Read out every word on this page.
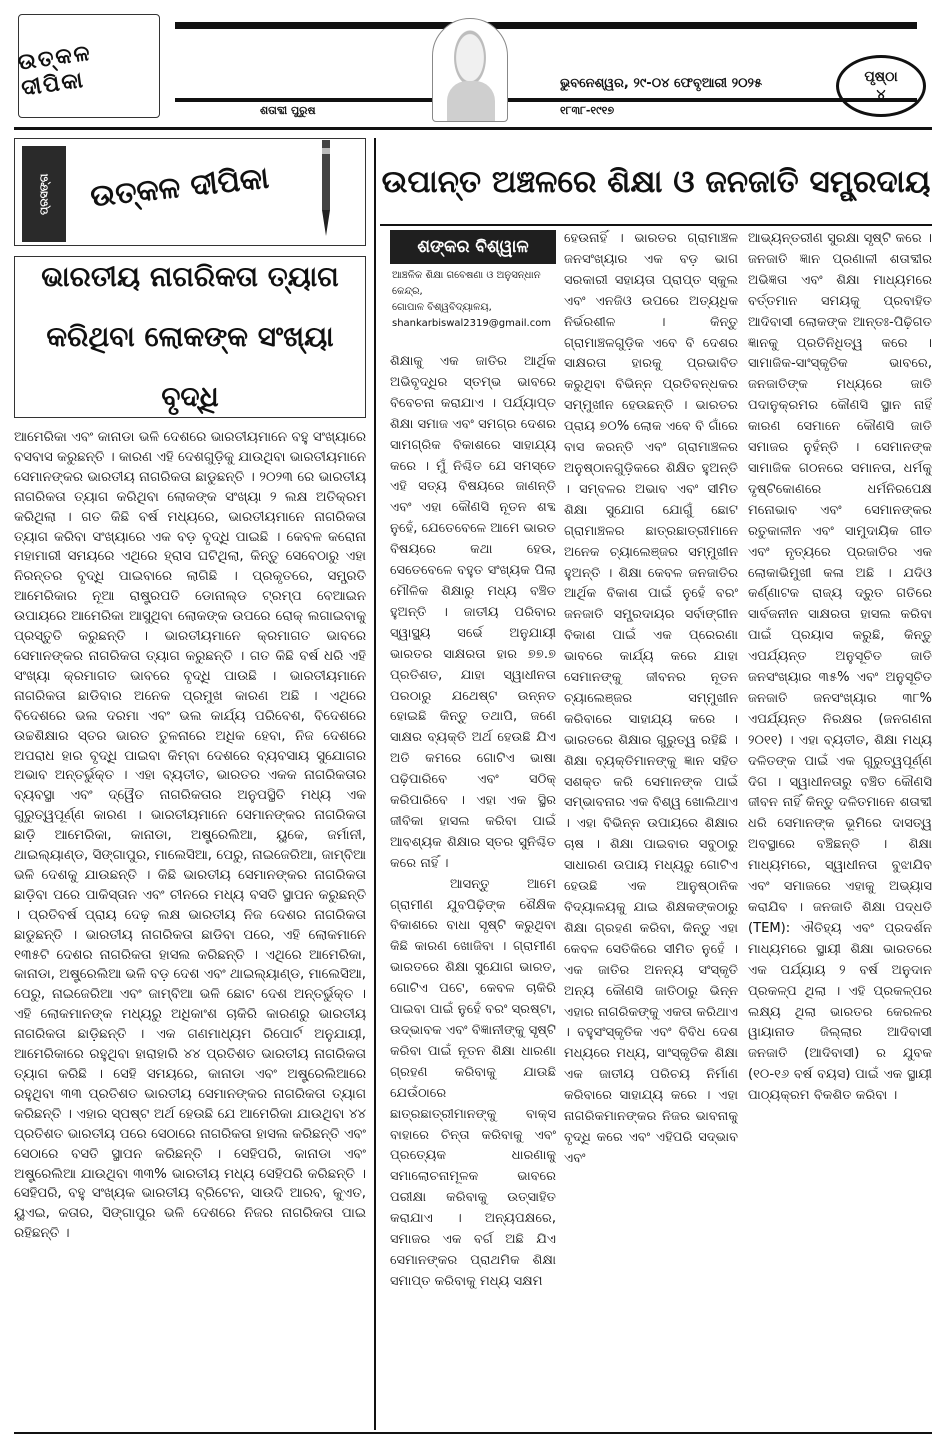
ଉତ୍କଳ ଦୀପିକା	ଭୁବନେଶ୍ୱର, ୨୯-୦୪ ଫେବୃଆରୀ ୨୦୨୫
ଶତାବ୍ଦୀ ପୁରୁଷ	୧୮୩୮-୧୯୧୭
ପୃଷ୍ଠା
୪
ପ୍ରସଙ୍ଗ	ଉତ୍କଳ ଦୀପିକା
ଭାରତୀୟ ନାଗରିକତା ତ୍ୟାଗ
କରିଥିବା ଲୋକଙ୍କ ସଂଖ୍ୟା ବୃଦ୍ଧି
ଆମେରିକା ଏବଂ କାନାଡା ଭଳି ଦେଶରେ ଭାରତୀୟମାନେ ବହୁ ସଂଖ୍ୟାରେ ବସବାସ କରୁଛନ୍ତି । କାରଣ ଏହି ଦେଶଗୁଡ଼ିକୁ ଯାଉଥିବା ଭାରତୀୟମାନେ ସେମାନଙ୍କର ଭାରତୀୟ ନାଗରିକତା ଛାଡୁଛନ୍ତି । ୨୦୨୩ ରେ ଭାରତୀୟ ନାଗରିକତା ତ୍ୟାଗ କରିଥିବା ଲୋକଙ୍କ ସଂଖ୍ୟା ୨ ଲକ୍ଷ ଅତିକ୍ରମ କରିଥିଲା । ଗତ କିଛି ବର୍ଷ ମଧ୍ୟରେ, ଭାରତୀୟମାନେ ନାଗରିକତା ତ୍ୟାଗ କରିବା ସଂଖ୍ୟାରେ ଏକ ବଡ଼ ବୃଦ୍ଧି ପାଇଛି । କେବଳ କରୋନା ମହାମାରୀ ସମୟରେ ଏଥିରେ ହ୍ରାସ ଘଟିଥିଲା, କିନ୍ତୁ ସେବେଠାରୁ ଏହା ନିରନ୍ତର ବୃଦ୍ଧି ପାଇବାରେ ଲାଗିଛି । ପ୍ରକୃତରେ, ସମ୍ପ୍ରତି ଆମେରିକାର ନୂଆ ରାଷ୍ଟ୍ରପତି ଡୋନାଲ୍ଡ ଟ୍ରମ୍ପ ବେଆଇନ ଉପାୟରେ ଆମେରିକା ଆସୁଥିବା ଲୋକଙ୍କ ଉପରେ ରୋକ୍ ଲଗାଇବାକୁ ପ୍ରସ୍ତୁତି କରୁଛନ୍ତି । ଭାରତୀୟମାନେ କ୍ରମାଗତ ଭାବରେ ସେମାନଙ୍କର ନାଗରିକତା ତ୍ୟାଗ କରୁଛନ୍ତି । ଗତ କିଛି ବର୍ଷ ଧରି ଏହି ସଂଖ୍ୟା କ୍ରମାଗତ ଭାବରେ ବୃଦ୍ଧି ପାଉଛି । ଭାରତୀୟମାନେ ନାଗରିକତା ଛାଡିବାର ଅନେକ ପ୍ରମୁଖ କାରଣ ଅଛି । ଏଥିରେ ବିଦେଶରେ ଭଲ ଦରମା ଏବଂ ଭଲ କାର୍ଯ୍ୟ ପରିବେଶ, ବିଦେଶରେ ଉଚ୍ଚଶିକ୍ଷାର ସ୍ତର ଭାରତ ତୁଳନାରେ ଅଧିକ ହେବା, ନିଜ ଦେଶରେ ଅପରାଧ ହାର ବୃଦ୍ଧି ପାଇବା କିମ୍ବା ଦେଶରେ ବ୍ୟବସାୟ ସୁଯୋଗର ଅଭାବ ଅନ୍ତର୍ଭୁକ୍ତ । ଏହା ବ୍ୟତୀତ, ଭାରତର ଏକକ ନାଗରିକତାର ବ୍ୟବସ୍ଥା ଏବଂ ଦ୍ୱୈତ ନାଗରିକତାର ଅନୁପସ୍ଥିତି ମଧ୍ୟ ଏକ ଗୁରୁତ୍ୱପୂର୍ଣ୍ଣ କାରଣ । ଭାରତୀୟମାନେ ସେମାନଙ୍କର ନାଗରିକତା ଛାଡ଼ି ଆମେରିକା, କାନାଡା, ଅଷ୍ଟ୍ରେଲିଆ, ୟୁକେ, ଜର୍ମାନୀ, ଥାଇଲ୍ୟାଣ୍ଡ, ସିଙ୍ଗାପୁର, ମାଲେସିଆ, ପେରୁ, ନାଇଜେରିଆ, ଜାମ୍ବିଆ ଭଳି ଦେଶକୁ ଯାଉଛନ୍ତି । କିଛି ଭାରତୀୟ ସେମାନଙ୍କର ନାଗରିକତା ଛାଡ଼ିବା ପରେ ପାକିସ୍ତାନ ଏବଂ ଚୀନରେ ମଧ୍ୟ ବସତି ସ୍ଥାପନ କରୁଛନ୍ତି । ପ୍ରତିବର୍ଷ ପ୍ରାୟ ଦେଢ଼ ଲକ୍ଷ ଭାରତୀୟ ନିଜ ଦେଶର ନାଗରିକତା ଛାଡୁଛନ୍ତି । ଭାରତୀୟ ନାଗରିକତା ଛାଡିବା ପରେ, ଏହି ଲୋକମାନେ ୧୩୫ଟି ଦେଶର ନାଗରିକତା ହାସଲ କରିଛନ୍ତି । ଏଥିରେ ଆମେରିକା, କାନାଡା, ଅଷ୍ଟ୍ରେଲିଆ ଭଳି ବଡ଼ ଦେଶ ଏବଂ ଥାଇଲ୍ୟାଣ୍ଡ, ମାଲେସିଆ, ପେରୁ, ନାଇଜେରିଆ ଏବଂ ଜାମ୍ବିଆ ଭଳି ଛୋଟ ଦେଶ ଅନ୍ତର୍ଭୁକ୍ତ । ଏହି ଲୋକମାନଙ୍କ ମଧ୍ୟରୁ ଅଧିକାଂଶ ଚାକିରି କାରଣରୁ ଭାରତୀୟ ନାଗରିକତା ଛାଡ଼ିଛନ୍ତି । ଏକ ଗଣମାଧ୍ୟମ ରିପୋର୍ଟ ଅନୁଯାୟୀ, ଆମେରିକାରେ ରହୁଥିବା ହାରାହାରି ୪୪ ପ୍ରତିଶତ ଭାରତୀୟ ନାଗରିକତା ତ୍ୟାଗ କରିଛି । ସେହି ସମୟରେ, କାନାଡା ଏବଂ ଅଷ୍ଟ୍ରେଲିଆରେ ରହୁଥିବା ୩୩ ପ୍ରତିଶତ ଭାରତୀୟ ସେମାନଙ୍କର ନାଗରିକତା ତ୍ୟାଗ କରିଛନ୍ତି । ଏହାର ସ୍ପଷ୍ଟ ଅର୍ଥ ହେଉଛି ଯେ ଆମେରିକା ଯାଉଥିବା ୪୪ ପ୍ରତିଶତ ଭାରତୀୟ ପରେ ସେଠାରେ ନାଗରିକତା ହାସଲ କରିଛନ୍ତି ଏବଂ ସେଠାରେ ବସତି ସ୍ଥାପନ କରିଛନ୍ତି । ସେହିପରି, କାନାଡା ଏବଂ ଅଷ୍ଟ୍ରେଲିଆ ଯାଉଥିବା ୩୩% ଭାରତୀୟ ମଧ୍ୟ ସେହିପରି କରିଛନ୍ତି । ସେହିପରି, ବହୁ ସଂଖ୍ୟକ ଭାରତୀୟ ବ୍ରିଟେନ, ସାଉଦି ଆରବ, କୁଏତ, ୟୁଏଇ, କତାର, ସିଙ୍ଗାପୁର ଭଳି ଦେଶରେ ନିଜର ନାଗରିକତା ପାଇ ରହିଛନ୍ତି ।
ଉପାନ୍ତ ଅଞ୍ଚଳରେ ଶିକ୍ଷା ଓ ଜନଜାତି ସମ୍ପ୍ରଦାୟ
ଶଙ୍କର ବିଶ୍ୱାଳ
ଆଞ୍ଚଳିକ ଶିକ୍ଷା ଗବେଷଣା ଓ ଅନୁସନ୍ଧାନ କେନ୍ଦ୍ର,
ଗୋପାଳ ବିଶ୍ୱବିଦ୍ୟାଳୟ,
shankarbiswal2319@gmail.com

ଶିକ୍ଷାକୁ ଏକ ଜାତିର ଆର୍ଥିକ ଅଭିବୃଦ୍ଧିର ସ୍ତମ୍ଭ ଭାବରେ ବିବେଚନା କରାଯାଏ । ପର୍ଯ୍ୟାପ୍ତ ଶିକ୍ଷା ସମାଜ ଏବଂ ସମଗ୍ର ଦେଶର ସାମଗ୍ରିକ ବିକାଶରେ ସାହାଯ୍ୟ କରେ । ମୁଁ ନିଶ୍ଚିତ ଯେ ସମସ୍ତେ ଏହି ସତ୍ୟ ବିଷୟରେ ଜାଣନ୍ତି ଏବଂ ଏହା କୌଣସି ନୂତନ ଶବ୍ଦ ନୁହେଁ, ଯେତେବେଳେ ଆମେ ଭାରତ ବିଷୟରେ କଥା ହେଉ, ସେତେବେଳେ ବହୁତ ସଂଖ୍ୟକ ପିଲା ମୌଳିକ ଶିକ୍ଷାରୁ ମଧ୍ୟ ବଞ୍ଚିତ ହୁଅନ୍ତି । ଜାତୀୟ ପରିବାର ସ୍ୱାସ୍ଥ୍ୟ ସର୍ଭେ ଅନୁଯାୟୀ ଭାରତର ସାକ୍ଷରତା ହାର ୭୭.୭ ପ୍ରତିଶତ, ଯାହା ସ୍ୱାଧୀନତା ପରଠାରୁ ଯଥେଷ୍ଟ ଉନ୍ନତ ହୋଇଛି କିନ୍ତୁ ତଥାପି, ଜଣେ ସାକ୍ଷର ବ୍ୟକ୍ତି ଅର୍ଥ ହେଉଛି ଯିଏ ଅତି କମରେ ଗୋଟିଏ ଭାଷା ପଢ଼ିପାରିବେ ଏବଂ ସଠିକ୍ କରିପାରିବେ । ଏହା ଏକ ସ୍ଥିର ଜୀବିକା ହାସଲ କରିବା ପାଇଁ ଆବଶ୍ୟକ ଶିକ୍ଷାର ସ୍ତର ସୁନିଶ୍ଚିତ କରେ ନାହିଁ ।

ଆସନ୍ତୁ ଆମେ ଗ୍ରାମୀଣ ଯୁବପିଢ଼ିଙ୍କ ଶୈକ୍ଷିକ ବିକାଶରେ ବାଧା ସୃଷ୍ଟି କରୁଥିବା କିଛି କାରଣ ଖୋଜିବା । ଗ୍ରାମୀଣ ଭାରତରେ ଶିକ୍ଷା ସୁଯୋଗ ଭାରତ, ଗୋଟିଏ ପଟେ, କେବଳ ଚାକିରି ପାଇବା ପାଇଁ ନୁହେଁ ବରଂ ସ୍ରଷ୍ଟା, ଉଦ୍ଭାବକ ଏବଂ ବିଜ୍ଞାନୀଙ୍କୁ ସୃଷ୍ଟି କରିବା ପାଇଁ ନୂତନ ଶିକ୍ଷା ଧାରଣା ଗ୍ରହଣ କରିବାକୁ ଯାଉଛି ଯେଉଁଠାରେ ଛାତ୍ରଛାତ୍ରୀମାନଙ୍କୁ ବାକ୍ସ ବାହାରେ ଚିନ୍ତା କରିବାକୁ ଏବଂ ପ୍ରତ୍ୟେକ ଧାରଣାକୁ ସମାଲୋଚନାମୂଳକ ଭାବରେ ପରୀକ୍ଷା କରିବାକୁ ଉତ୍ସାହିତ କରାଯାଏ । ଅନ୍ୟପକ୍ଷରେ, ସମାଜର ଏକ ବର୍ଗ ଅଛି ଯିଏ ସେମାନଙ୍କର ପ୍ରାଥମିକ ଶିକ୍ଷା ସମାପ୍ତ କରିବାକୁ ମଧ୍ୟ ସକ୍ଷମ

ହେଉନାହିଁ । ଭାରତର ଗ୍ରାମାଞ୍ଚଳ ଜନସଂଖ୍ୟାର ଏକ ବଡ଼ ଭାଗ ସରକାରୀ ସହାୟତା ପ୍ରାପ୍ତ ସ୍କୁଲ ଏବଂ ଏନଜିଓ ଉପରେ ଅତ୍ୟଧିକ ନିର୍ଭରଶୀଳ । କିନ୍ତୁ ଗ୍ରାମାଞ୍ଚଳଗୁଡ଼ିକ ଏବେ ବି ଦେଶର ସାକ୍ଷରତା ହାରକୁ ପ୍ରଭାବିତ କରୁଥିବା ବିଭିନ୍ନ ପ୍ରତିବନ୍ଧକର ସମ୍ମୁଖୀନ ହେଉଛନ୍ତି । ଭାରତର ପ୍ରାୟ ୭୦% ଲୋକ ଏବେ ବି ଗାଁରେ ବାସ କରନ୍ତି ଏବଂ ଗ୍ରାମାଞ୍ଚଳର ଅନୁଷ୍ଠାନଗୁଡ଼ିକରେ ଶିକ୍ଷିତ ହୁଅନ୍ତି । ସମ୍ବଳର ଅଭାବ ଏବଂ ସୀମିତ ଶିକ୍ଷା ସୁଯୋଗ ଯୋଗୁଁ ଛୋଟ ଗ୍ରାମାଞ୍ଚଳର ଛାତ୍ରଛାତ୍ରୀମାନେ ଅନେକ ଚ୍ୟାଲେଞ୍ଜର ସମ୍ମୁଖୀନ ହୁଅନ୍ତି । ଶିକ୍ଷା କେବଳ ଜନଜାତିର ଆର୍ଥିକ ବିକାଶ ପାଇଁ ନୁହେଁ ବରଂ ଜନଜାତି ସମ୍ପ୍ରଦାୟର ସର୍ବାଙ୍ଗୀନ ବିକାଶ ପାଇଁ ଏକ ପ୍ରେରଣା ଭାବରେ କାର୍ଯ୍ୟ କରେ ଯାହା ସେମାନଙ୍କୁ ଜୀବନର ନୂତନ ଚ୍ୟାଲେଞ୍ଜର ସମ୍ମୁଖୀନ କରିବାରେ ସାହାଯ୍ୟ କରେ । ଭାରତରେ ଶିକ୍ଷାର ଗୁରୁତ୍ୱ ରହିଛି । ଶିକ୍ଷା ବ୍ୟକ୍ତିମାନଙ୍କୁ ଜ୍ଞାନ ସହିତ ସଶକ୍ତ କରି ସେମାନଙ୍କ ପାଇଁ ସମ୍ଭାବନାର ଏକ ବିଶ୍ୱ ଖୋଲିଥାଏ । ଏହା ବିଭିନ୍ନ ଉପାୟରେ ଶିକ୍ଷାର ଚାଷ । ଶିକ୍ଷା ପାଇବାର ସବୁଠାରୁ ସାଧାରଣ ଉପାୟ ମଧ୍ୟରୁ ଗୋଟିଏ ହେଉଛି ଏକ ଆନୁଷ୍ଠାନିକ ବିଦ୍ୟାଳୟକୁ ଯାଇ ଶିକ୍ଷକଙ୍କଠାରୁ ଶିକ୍ଷା ଗ୍ରହଣ କରିବା, କିନ୍ତୁ ଏହା କେବଳ ସେତିକିରେ ସୀମିତ ନୁହେଁ । ଏକ ଜାତିର ଅନନ୍ୟ ସଂସ୍କୃତି ଅନ୍ୟ କୌଣସି ଜାତିଠାରୁ ଭିନ୍ନ ଏହାର ନାଗରିକଙ୍କୁ ଏକତା କରିଥାଏ । ବହୁସଂସ୍କୃତିକ ଏବଂ ବିବିଧ ଦେଶ ମଧ୍ୟରେ ମଧ୍ୟ, ସାଂସ୍କୃତିକ ଶିକ୍ଷା ଏକ ଜାତୀୟ ପରିଚୟ ନିର୍ମାଣ କରିବାରେ ସାହାଯ୍ୟ କରେ । ଏହା ନାଗରିକମାନଙ୍କର ନିଜର ଭାବନାକୁ ବୃଦ୍ଧି କରେ ଏବଂ ଏହିପରି ସଦ୍ଭାବ ଏବଂ
ଆଭ୍ୟନ୍ତରୀଣ ସୁରକ୍ଷା ସୃଷ୍ଟି କରେ । ଜନଜାତି ଜ୍ଞାନ ପ୍ରଣାଳୀ ଶତାବ୍ଦୀର ଅଭିଜ୍ଞତା ଏବଂ ଶିକ୍ଷା ମାଧ୍ୟମରେ ବର୍ତ୍ତମାନ ସମୟକୁ ପ୍ରବାହିତ ଆଦିବାସୀ ଲୋକଙ୍କ ଆନ୍ତଃ-ପିଢ଼ିଗତ ଜ୍ଞାନକୁ ପ୍ରତିନିଧିତ୍ୱ କରେ । ସାମାଜିକ-ସାଂସ୍କୃତିକ ଭାବରେ, ଜନଜାତିଙ୍କ ମଧ୍ୟରେ ଜାତି ପଦାନୁକ୍ରମର କୌଣସି ସ୍ଥାନ ନାହିଁ କାରଣ ସେମାନେ କୌଣସି ଜାତି ସମାଜର ନୁହଁନ୍ତି । ସେମାନଙ୍କ ସାମାଜିକ ଗଠନରେ ସମାନତା, ଧର୍ମକୁ ଦୃଷ୍ଟିକୋଣରେ ଧର୍ମନିରପେକ୍ଷ ମନୋଭାବ ଏବଂ ସେମାନଙ୍କର ରତୁକାଳୀନ ଏବଂ ସାମୁଦାୟିକ ଗୀତ ଏବଂ ନୃତ୍ୟରେ ପ୍ରଜାତିର ଏକ ଲୋକାଭିମୁଖୀ କଳା ଅଛି । ଯଦିଓ କର୍ଣ୍ଣାଟକ ରାଜ୍ୟ ଦ୍ରୁତ ଗତିରେ ସାର୍ବଜନୀନ ସାକ୍ଷରତା ହାସଲ କରିବା ପାଇଁ ପ୍ରୟାସ କରୁଛି, କିନ୍ତୁ ଏପର୍ଯ୍ୟନ୍ତ ଅନୁସୂଚିତ ଜାତି ଜନସଂଖ୍ୟାର ୩୫% ଏବଂ ଅନୁସୂଚିତ ଜନଜାତି ଜନସଂଖ୍ୟାର ୩୮% ଏପର୍ଯ୍ୟନ୍ତ ନିରକ୍ଷର (ଜନଗଣନା ୨୦୧୧) । ଏହା ବ୍ୟତୀତ, ଶିକ୍ଷା ମଧ୍ୟ ଦଳିତଙ୍କ ପାଇଁ ଏକ ଗୁରୁତ୍ୱପୂର୍ଣ୍ଣ ଦିଗ । ସ୍ୱାଧୀନତାରୁ ବଞ୍ଚିତ କୌଣସି ଜୀବନ ନାହିଁ କିନ୍ତୁ ଦଳିତମାନେ ଶତାବ୍ଦୀ ଧରି ସେମାନଙ୍କ ଭୂମିରେ ଦାସତ୍ୱ ଅବସ୍ଥାରେ ବଞ୍ଚିଛନ୍ତି । ଶିକ୍ଷା ମାଧ୍ୟମରେ, ସ୍ୱାଧୀନତା ବୁଝାଯିବ ଏବଂ ସମାଜରେ ଏହାକୁ ଅଭ୍ୟାସ କରାଯିବ । ଜନଜାତି ଶିକ୍ଷା ପଦ୍ଧତି (TEM): ଐତିହ୍ୟ ଏବଂ ପ୍ରଦର୍ଶନ ମାଧ୍ୟମରେ ସ୍ଥାୟୀ ଶିକ୍ଷା ଭାରତରେ ଏକ ପର୍ଯ୍ୟାୟ ୨ ବର୍ଷ ଅନୁଦାନ ପ୍ରକଳ୍ପ ଥିଲା । ଏହି ପ୍ରକଳ୍ପର ଲକ୍ଷ୍ୟ ଥିଲା ଭାରତର କେରଳର ୱାୟାନାଡ ଜିଲ୍ଲାର ଆଦିବାସୀ ଜନଜାତି (ଆଦିବାସୀ) ର ଯୁବକ (୧୦-୧୬ ବର୍ଷ ବୟସ) ପାଇଁ ଏକ ସ୍ଥାୟୀ ପାଠ୍ୟକ୍ରମ ବିକଶିତ କରିବା ।
